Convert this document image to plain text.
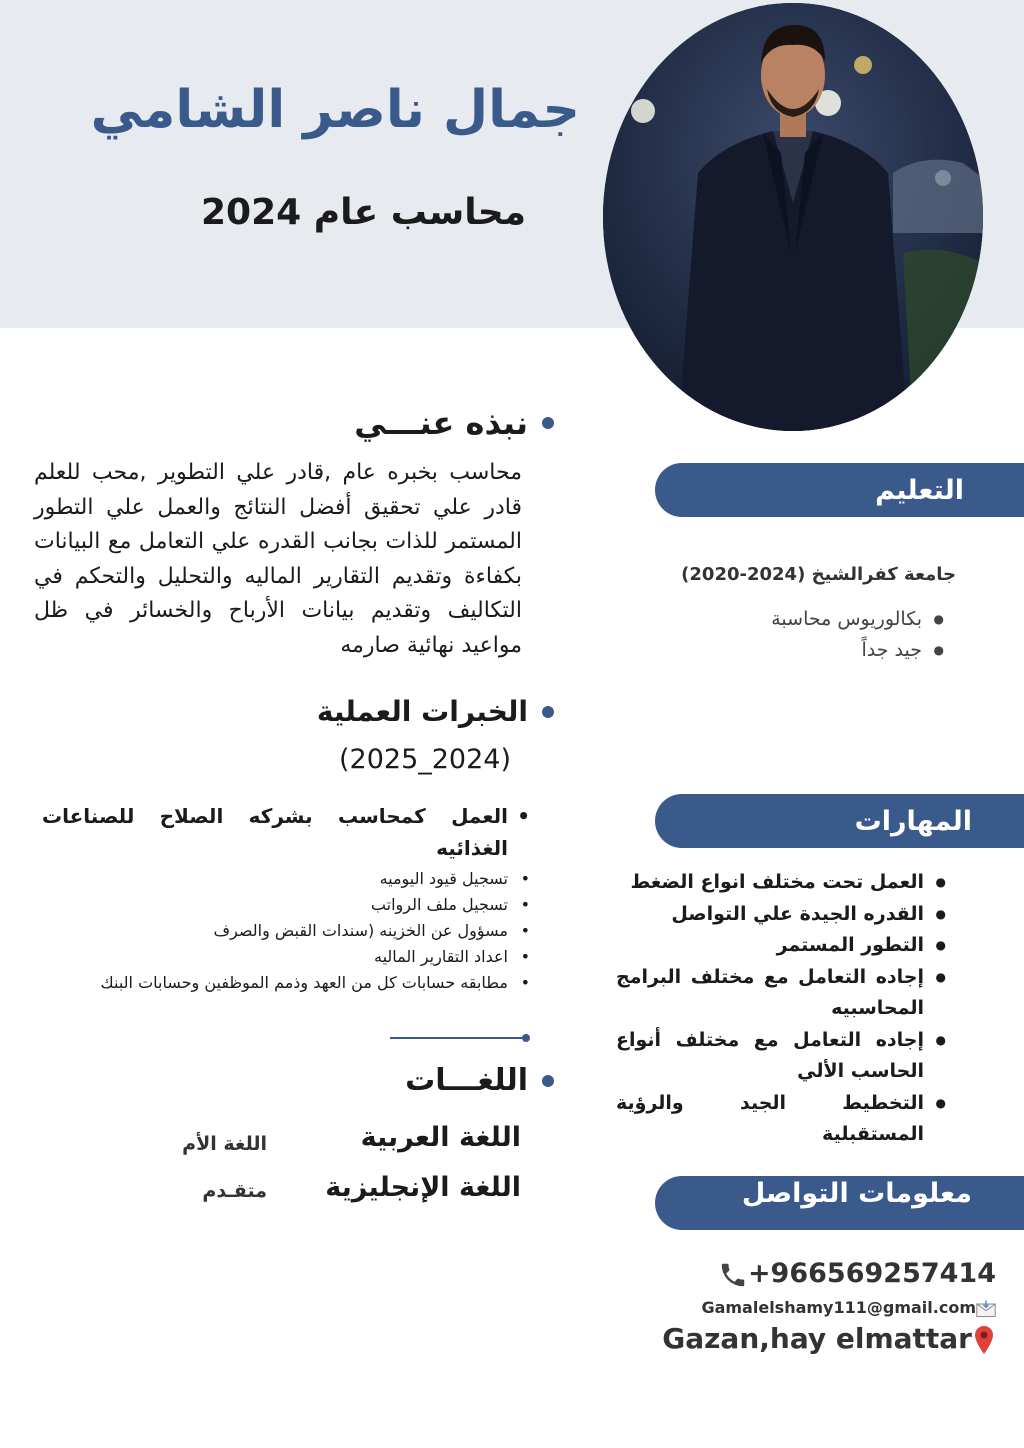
جمال ناصر الشامي
محاسب عام 2024
نبذه عنـــي

محاسب بخبره عام ,قادر علي التطوير ,محب للعلم قادر علي تحقيق أفضل النتائج والعمل علي التطور المستمر للذات بجانب القدره علي التعامل مع البيانات بكفاءة وتقديم التقارير الماليه والتحليل والتحكم في التكاليف وتقديم بيانات الأرباح والخسائر في ظل مواعيد نهائية صارمه

الخبرات العملية
(2025_2024)
• العمل كمحاسب بشركه الصلاح للصناعات الغذائيه
• تسجيل قيود اليوميه
• تسجيل ملف الرواتب
• مسؤول عن الخزينه (سندات القبض والصرف
• اعداد التقارير الماليه
• مطابقه حسابات كل من العهد وذمم الموظفين وحسابات البنك
اللغـــات
اللغة العربية
اللغة الأم
اللغة الإنجليزية
متقـدم
التعليم
جامعة كفرالشيخ (2024-2020)
● بكالوريوس محاسبة
● جيد جداً
المهارات
● العمل تحت مختلف انواع الضغط
● القدره الجيدة علي التواصل
● التطور المستمر
● إجاده التعامل مع مختلف البرامج المحاسبيه
● إجاده التعامل مع مختلف أنواع الحاسب الألي
● التخطيط الجيد والرؤية المستقبلية
معلومات التواصل
+966569257414
Gamalelshamy111@gmail.com
Gazan,hay elmattar
